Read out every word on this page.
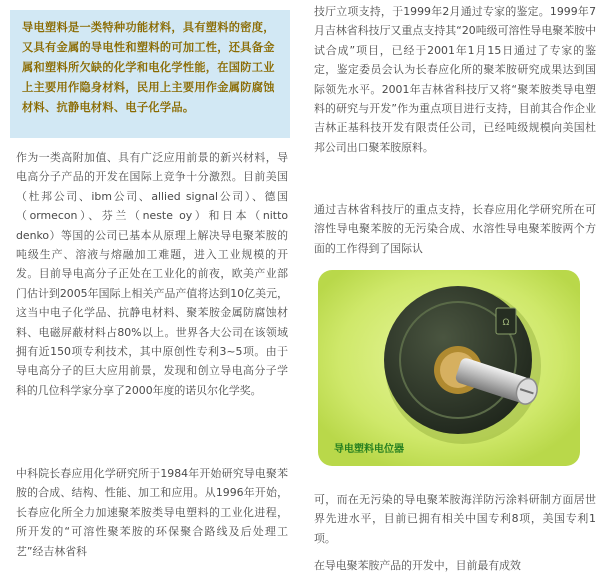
导电塑料是一类特种功能材料，具有塑料的密度，又具有金属的导电性和塑料的可加工性，还具备金属和塑料所欠缺的化学和电化学性能，在国防工业上主要用作隐身材料，民用上主要用作金属防腐蚀材料、抗静电材料、电子化学品。

作为一类高附加值、具有广泛应用前景的新兴材料，导电高分子产品的开发在国际上竞争十分激烈。目前美国（杜邦公司、ibm公司、allied signal公司）、德国（ormecon）、芬兰（neste oy）和日本（nitto denko）等国的公司已基本从原理上解决导电聚苯胺的吨级生产、溶液与熔融加工难题，进入工业规模的开发。目前导电高分子正处在工业化的前夜，欧美产业部门估计到2005年国际上相关产品产值将达到10亿美元，这当中电子化学品、抗静电材料、聚苯胺金属防腐蚀材料、电磁屏蔽材料占80%以上。世界各大公司在该领域拥有近150项专利技术，其中原创性专利3~5项。由于导电高分子的巨大应用前景，发现和创立导电高分子学科的几位科学家分享了2000年度的诺贝尔化学奖。

中科院长春应用化学研究所于1984年开始研究导电聚苯胺的合成、结构、性能、加工和应用。从1996年开始，长春应化所全力加速聚苯胺类导电塑料的工业化进程，所开发的“可溶性聚苯胺的环保聚合路线及后处理工艺”经吉林省科

技厅立项支持，于1999年2月通过专家的鉴定。1999年7月吉林省科技厅又重点支持其“20吨级可溶性导电聚苯胺中试合成”项目，已经于2001年1月15日通过了专家的鉴定，鉴定委员会认为长春应化所的聚苯胺研究成果达到国际领先水平。2001年吉林省科技厅又将“聚苯胺类导电塑料的研究与开发”作为重点项目进行支持，目前其合作企业吉林正基科技开发有限责任公司，已经吨级规模向美国杜邦公司出口聚苯胺原料。

通过吉林省科技厅的重点支持，长春应用化学研究所在可溶性导电聚苯胺的无污染合成、水溶性导电聚苯胺两个方面的工作得到了国际认

可，而在无污染的导电聚苯胺海洋防污涂料研制方面居世界先进水平，目前已拥有相关中国专利8项，美国专利1项。

在导电聚苯胺产品的开发中，目前最有成效

Ω
导电塑料电位器
